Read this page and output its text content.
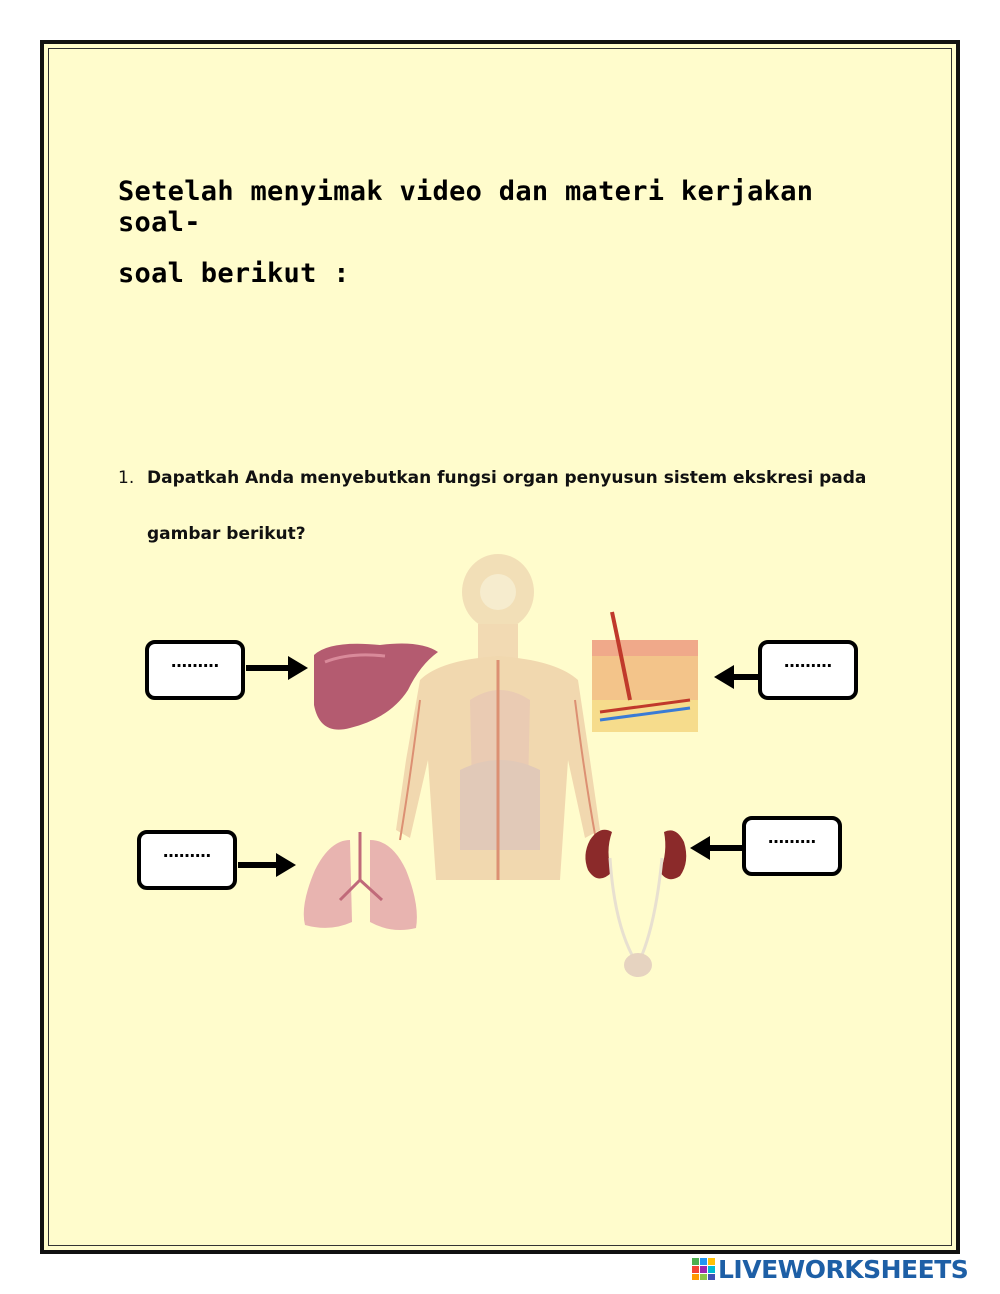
Setelah menyimak video dan materi kerjakan soal-

soal berikut :

1. Dapatkah Anda menyebutkan fungsi organ penyusun sistem ekskresi pada gambar berikut?
………	………
………
………
LIVEWORKSHEETS
